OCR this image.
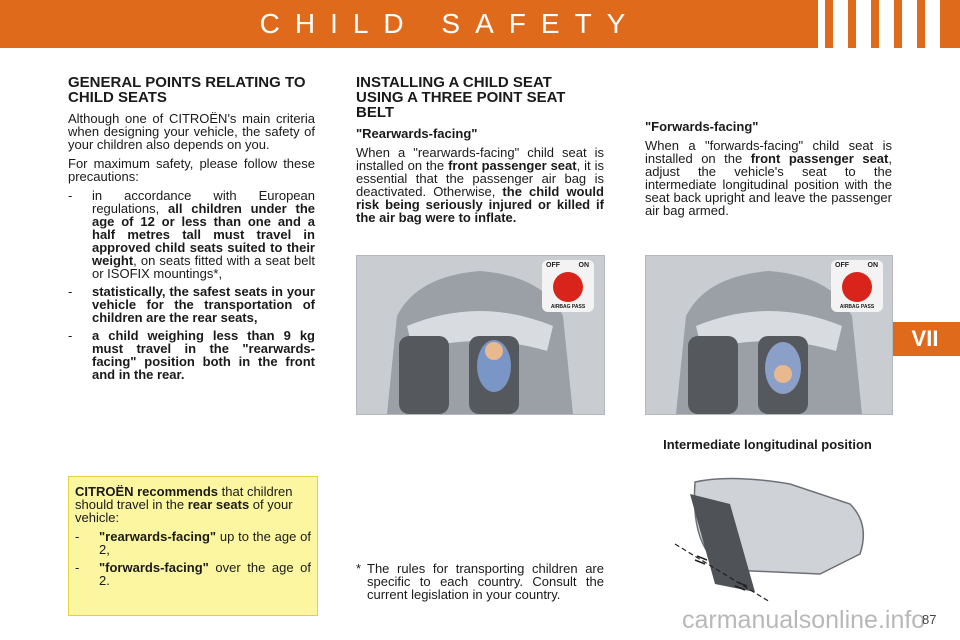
CHILD SAFETY
VII
GENERAL POINTS RELATING TO CHILD SEATS

Although one of CITROËN's main criteria when designing your vehicle, the safety of your children also depends on you.

For maximum safety, please follow these precautions:

- in accordance with European regulations, all children under the age of 12 or less than one and a half metres tall must travel in approved child seats suited to their weight, on seats fitted with a seat belt or ISOFIX mountings*,
- statistically, the safest seats in your vehicle for the transportation of children are the rear seats,
- a child weighing less than 9 kg must travel in the "rearwards-facing" position both in the front and in the rear.

CITROËN recommends that children should travel in the rear seats of your vehicle:

- "rearwards-facing" up to the age of 2,
- "forwards-facing" over the age of 2.
INSTALLING A CHILD SEAT USING A THREE POINT SEAT BELT
"Rearwards-facing"

When a "rearwards-facing" child seat is installed on the front passenger seat, it is essential that the passenger air bag is deactivated. Otherwise, the child would risk being seriously injured or killed if the air bag were to inflate.

"Forwards-facing"

When a "forwards-facing" child seat is installed on the front passenger seat, adjust the vehicle's seat to the intermediate longitudinal position with the seat back upright and leave the passenger air bag armed.

OFF	ON
AIRBAG PASS
OFF	ON
AIRBAG PASS
Intermediate longitudinal position
* The rules for transporting children are specific to each country. Consult the current legislation in your country.
carmanualsonline.info
87
